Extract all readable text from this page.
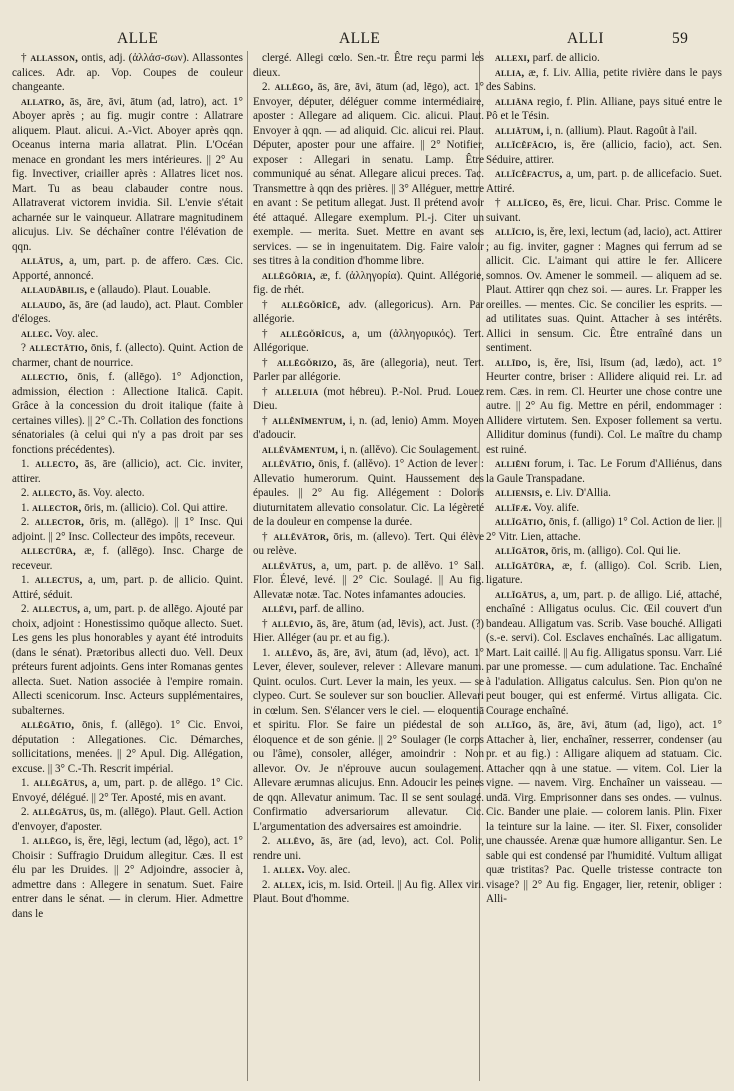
ALLE	ALLE	ALLI	59

† allasson, ontis, adj. (ἀλλάσ-σων). Allassontes calices. Adr. ap. Vop. Coupes de couleur changeante.

allatro, ās, āre, āvi, ātum (ad, latro), act. 1° Aboyer après ; au fig. mugir contre : Allatrare aliquem. Plaut. alicui. A.-Vict. Aboyer après qqn. Oceanus interna maria allatrat. Plin. L'Océan menace en grondant les mers intérieures. || 2° Au fig. Invectiver, criailler après : Allatres licet nos. Mart. Tu as beau clabauder contre nous. Allatraverat victorem invidia. Sil. L'envie s'était acharnée sur le vainqueur. Allatrare magnitudinem alicujus. Liv. Se déchaîner contre l'élévation de qqn.

allātus, a, um, part. p. de affero. Cæs. Cic. Apporté, annoncé.

allaudābilis, e (allaudo). Plaut. Louable.

allaudo, ās, āre (ad laudo), act. Plaut. Combler d'éloges.

allec. Voy. alec.

? allectātio, ōnis, f. (allecto). Quint. Action de charmer, chant de nourrice.

allectio, ōnis, f. (allēgo). 1° Adjonction, admission, élection : Allectione Italicā. Capit. Grâce à la concession du droit italique (faite à certaines villes). || 2° C.-Th. Collation des fonctions sénatoriales (à celui qui n'y a pas droit par ses fonctions précédentes).

1. allecto, ās, āre (allicio), act. Cic. inviter, attirer.

2. allecto, ās. Voy. alecto.

1. allector, ōris, m. (allicio). Col. Qui attire.

2. allector, ōris, m. (allēgo). || 1° Insc. Qui adjoint. || 2° Insc. Collecteur des impôts, receveur.

allectūra, æ, f. (allēgo). Insc. Charge de receveur.

1. allectus, a, um, part. p. de allicio. Quint. Attiré, séduit.

2. allectus, a, um, part. p. de allēgo. Ajouté par choix, adjoint : Honestissimo quŏque allecto. Suet. Les gens les plus honorables y ayant été introduits (dans le sénat). Prætoribus allecti duo. Vell. Deux préteurs furent adjoints. Gens inter Romanas gentes allecta. Suet. Nation associée à l'empire romain. Allecti scenicorum. Insc. Acteurs supplémentaires, subalternes.

allēgātio, ōnis, f. (allēgo). 1° Cic. Envoi, députation : Allegationes. Cic. Démarches, sollicitations, menées. || 2° Apul. Dig. Allégation, excuse. || 3° C.-Th. Rescrit impérial.

1. allēgātus, a, um, part. p. de allēgo. 1° Cic. Envoyé, délégué. || 2° Ter. Aposté, mis en avant.

2. allēgātus, ūs, m. (allēgo). Plaut. Gell. Action d'envoyer, d'aposter.

1. allēgo, is, ĕre, lēgi, lectum (ad, lĕgo), act. 1° Choisir : Suffragio Druidum allegitur. Cæs. Il est élu par les Druides. || 2° Adjoindre, associer à, admettre dans : Allegere in senatum. Suet. Faire entrer dans le sénat. — in clerum. Hier. Admettre dans le

clergé. Allegi cœlo. Sen.-tr. Être reçu parmi les dieux.

2. allēgo, ās, āre, āvi, ātum (ad, lēgo), act. 1° Envoyer, députer, déléguer comme intermédiaire, aposter : Allegare ad aliquem. Cic. alicui. Plaut. Envoyer à qqn. — ad aliquid. Cic. alicui rei. Plaut. Députer, aposter pour une affaire. || 2° Notifier, exposer : Allegari in senatu. Lamp. Être communiqué au sénat. Allegare alicui preces. Tac. Transmettre à qqn des prières. || 3° Alléguer, mettre en avant : Se petitum allegat. Just. Il prétend avoir été attaqué. Allegare exemplum. Pl.-j. Citer un exemple. — merita. Suet. Mettre en avant ses services. — se in ingenuitatem. Dig. Faire valoir ses titres à la condition d'homme libre.

allēgŏria, æ, f. (ἀλληγορία). Quint. Allégorie, fig. de rhét.

† allēgŏrĭcē, adv. (allegoricus). Arn. Par allégorie.

† allēgŏrĭcus, a, um (ἀλληγορικός). Tert. Allégorique.

† allēgŏrizo, ās, āre (allegoria), neut. Tert. Parler par allégorie.

† alleluia (mot hébreu). P.-Nol. Prud. Louez Dieu.

† allĕnīmentum, i, n. (ad, lenio) Amm. Moyen d'adoucir.

allĕvāmentum, i, n. (allĕvo). Cic Soulagement.

allĕvātio, ōnis, f. (allĕvo). 1° Action de lever : Allevatio humerorum. Quint. Haussement des épaules. || 2° Au fig. Allégement : Doloris diuturnitatem allevatio consolatur. Cic. La légèreté de la douleur en compense la durée.

† allĕvātor, ōris, m. (allevo). Tert. Qui élève ou relève.

allĕvātus, a, um, part. p. de allĕvo. 1° Sall. Flor. Élevé, levé. || 2° Cic. Soulagé. || Au fig. Allevatæ notæ. Tac. Notes infamantes adoucies.

allēvi, parf. de allino.

† allēvio, ās, āre, ātum (ad, lēvis), act. Just. (?) Hier. Alléger (au pr. et au fig.).

1. allĕvo, ās, āre, āvi, ātum (ad, lĕvo), act. 1° Lever, élever, soulever, relever : Allevare manum. Quint. oculos. Curt. Lever la main, les yeux. — se clypeo. Curt. Se soulever sur son bouclier. Allevari in cœlum. Sen. S'élancer vers le ciel. — eloquentiā et spiritu. Flor. Se faire un piédestal de son éloquence et de son génie. || 2° Soulager (le corps ou l'âme), consoler, alléger, amoindrir : Non allevor. Ov. Je n'éprouve aucun soulagement. Allevare ærumnas alicujus. Enn. Adoucir les peines de qqn. Allevatur animum. Tac. Il se sent soulagé. Confirmatio adversariorum allevatur. Cic. L'argumentation des adversaires est amoindrie.

2. allēvo, ās, āre (ad, levo), act. Col. Polir, rendre uni.

1. allex. Voy. alec.

2. allex, icis, m. Isid. Orteil. || Au fig. Allex viri. Plaut. Bout d'homme.

allexi, parf. de allicio.

allia, æ, f. Liv. Allia, petite rivière dans le pays des Sabins.

alliāna regio, f. Plin. Alliane, pays situé entre le Pô et le Tésin.

alliātum, i, n. (allium). Plaut. Ragoût à l'ail.

allĭcĕfăcio, is, ĕre (allicio, facio), act. Sen. Séduire, attirer.

allĭcĕfactus, a, um, part. p. de allicefacio. Suet. Attiré.

† allĭceo, ēs, ēre, licui. Char. Prisc. Comme le suivant.

allĭcio, is, ĕre, lexi, lectum (ad, lacio), act. Attirer ; au fig. inviter, gagner : Magnes qui ferrum ad se allicit. Cic. L'aimant qui attire le fer. Allicere somnos. Ov. Amener le sommeil. — aliquem ad se. Plaut. Attirer qqn chez soi. — aures. Lr. Frapper les oreilles. — mentes. Cic. Se concilier les esprits. — ad utilitates suas. Quint. Attacher à ses intérêts. Allici in sensum. Cic. Être entraîné dans un sentiment.

allīdo, is, ĕre, līsi, līsum (ad, lædo), act. 1° Heurter contre, briser : Allidere aliquid rei. Lr. ad rem. Cæs. in rem. Cl. Heurter une chose contre une autre. || 2° Au fig. Mettre en péril, endommager : Allidere virtutem. Sen. Exposer follement sa vertu. Alliditur dominus (fundi). Col. Le maître du champ est ruiné.

alliēni forum, i. Tac. Le Forum d'Alliénus, dans la Gaule Transpadane.

alliensis, e. Liv. D'Allia.

allĭfæ. Voy. alife.

allĭgātio, ōnis, f. (alligo) 1° Col. Action de lier. || 2° Vitr. Lien, attache.

allĭgātor, ōris, m. (alligo). Col. Qui lie.

allĭgātūra, æ, f. (alligo). Col. Scrib. Lien, ligature.

allĭgātus, a, um, part. p. de alligo. Lié, attaché, enchaîné : Alligatus oculus. Cic. Œil couvert d'un bandeau. Alligatum vas. Scrib. Vase bouché. Alligati (s.-e. servi). Col. Esclaves enchaînés. Lac alligatum. Mart. Lait caillé. || Au fig. Alligatus sponsu. Varr. Lié par une promesse. — cum adulatione. Tac. Enchaîné à l'adulation. Alligatus calculus. Sen. Pion qu'on ne peut bouger, qui est enfermé. Virtus alligata. Cic. Courage enchaîné.

allĭgo, ās, āre, āvi, ātum (ad, ligo), act. 1° Attacher à, lier, enchaîner, resserrer, condenser (au pr. et au fig.) : Alligare aliquem ad statuam. Cic. Attacher qqn à une statue. — vitem. Col. Lier la vigne. — navem. Virg. Enchaîner un vaisseau. — undā. Virg. Emprisonner dans ses ondes. — vulnus. Cic. Bander une plaie. — colorem lanis. Plin. Fixer la teinture sur la laine. — iter. Sl. Fixer, consolider une chaussée. Arenæ quæ humore alligantur. Sen. Le sable qui est condensé par l'humidité. Vultum alligat quæ tristitas? Pac. Quelle tristesse contracte ton visage? || 2° Au fig. Engager, lier, retenir, obliger : Alli-
